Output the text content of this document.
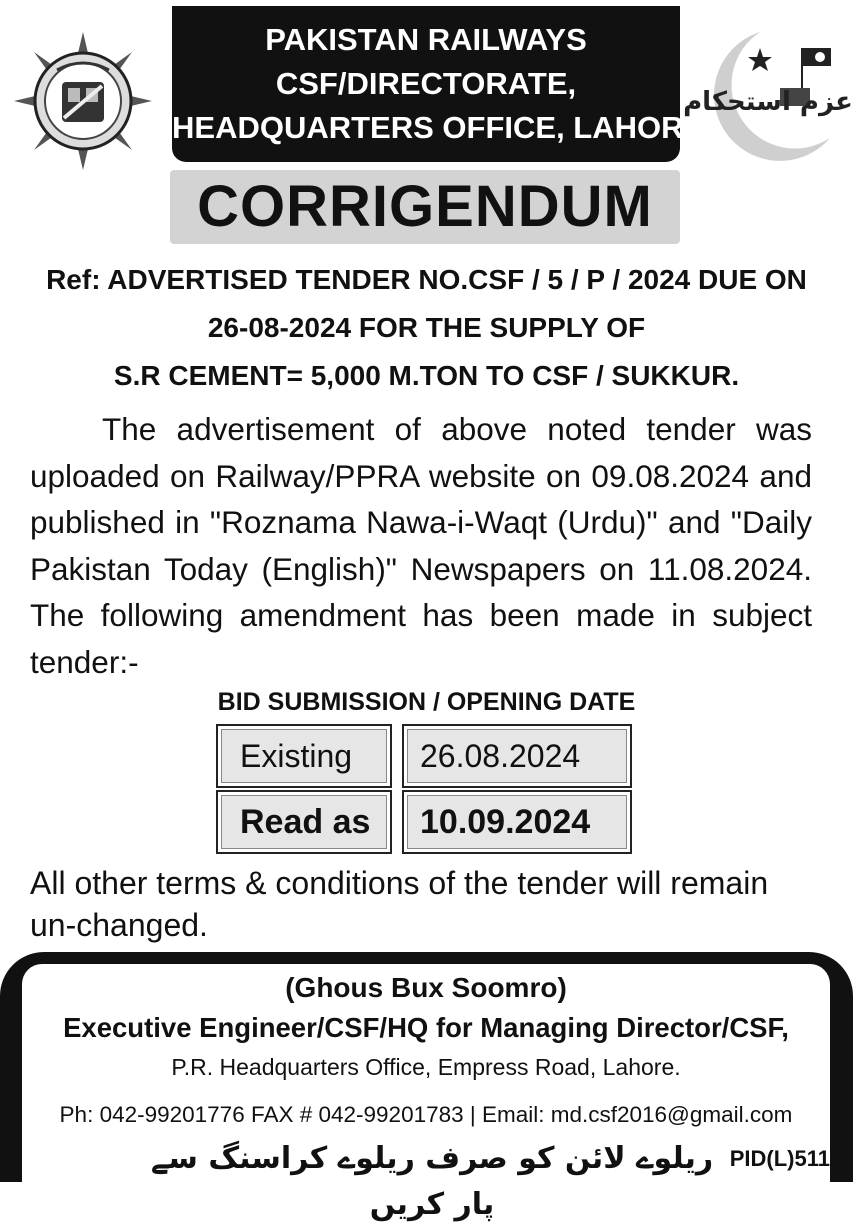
PAKISTAN RAILWAYS
CSF/DIRECTORATE,
HEADQUARTERS OFFICE, LAHORE.
عزم استحکام
CORRIGENDUM
Ref: ADVERTISED TENDER NO.CSF / 5 / P / 2024 DUE ON
26-08-2024 FOR THE SUPPLY OF
S.R CEMENT= 5,000 M.TON TO CSF / SUKKUR.
The advertisement of above noted tender was uploaded on Railway/PPRA website on 09.08.2024 and published in "Roznama Nawa-i-Waqt (Urdu)" and "Daily Pakistan Today (English)" Newspapers on 11.08.2024. The following amendment has been made in subject tender:-
BID SUBMISSION / OPENING DATE
Existing	26.08.2024
Read as	10.09.2024
All other terms & conditions of the tender will remain un-changed.
(Ghous Bux Soomro)
Executive Engineer/CSF/HQ for Managing Director/CSF,
P.R. Headquarters Office, Empress Road, Lahore.
Ph: 042-99201776 FAX # 042-99201783 | Email: md.csf2016@gmail.com
ریلوے لائن کو صرف ریلوے کراسنگ سے پار کریں
PID(L)511
